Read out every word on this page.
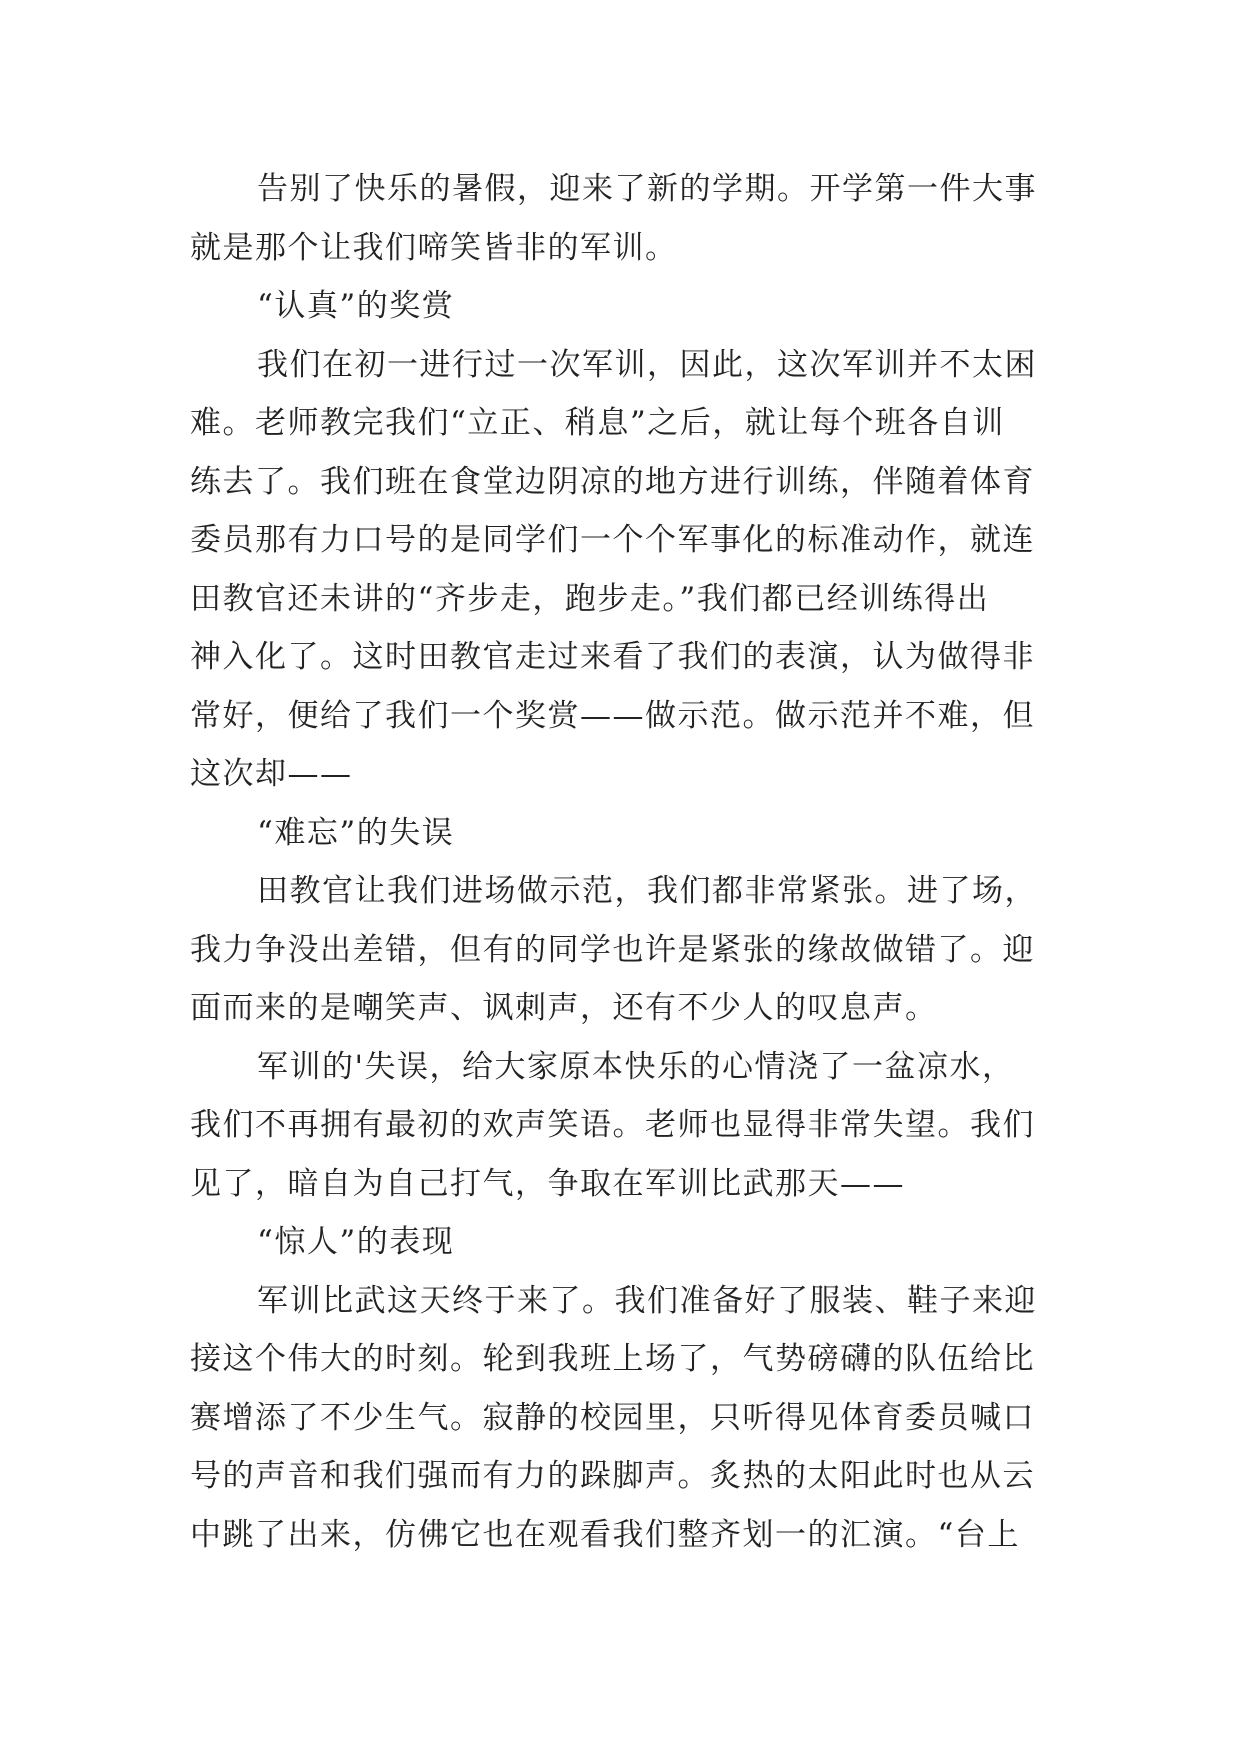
告别了快乐的暑假，迎来了新的学期。开学第一件大事
就是那个让我们啼笑皆非的军训。
“认真”的奖赏
我们在初一进行过一次军训，因此，这次军训并不太困
难。老师教完我们“立正、稍息”之后，就让每个班各自训
练去了。我们班在食堂边阴凉的地方进行训练，伴随着体育
委员那有力口号的是同学们一个个军事化的标准动作，就连
田教官还未讲的“齐步走，跑步走。”我们都已经训练得出
神入化了。这时田教官走过来看了我们的表演，认为做得非
常好，便给了我们一个奖赏——做示范。做示范并不难，但
这次却——
“难忘”的失误
田教官让我们进场做示范，我们都非常紧张。进了场，
我力争没出差错，但有的同学也许是紧张的缘故做错了。迎
面而来的是嘲笑声、讽刺声，还有不少人的叹息声。
军训的'失误，给大家原本快乐的心情浇了一盆凉水，
我们不再拥有最初的欢声笑语。老师也显得非常失望。我们
见了，暗自为自己打气，争取在军训比武那天——
“惊人”的表现
军训比武这天终于来了。我们准备好了服装、鞋子来迎
接这个伟大的时刻。轮到我班上场了，气势磅礴的队伍给比
赛增添了不少生气。寂静的校园里，只听得见体育委员喊口
号的声音和我们强而有力的跺脚声。炙热的太阳此时也从云
中跳了出来，仿佛它也在观看我们整齐划一的汇演。“台上
